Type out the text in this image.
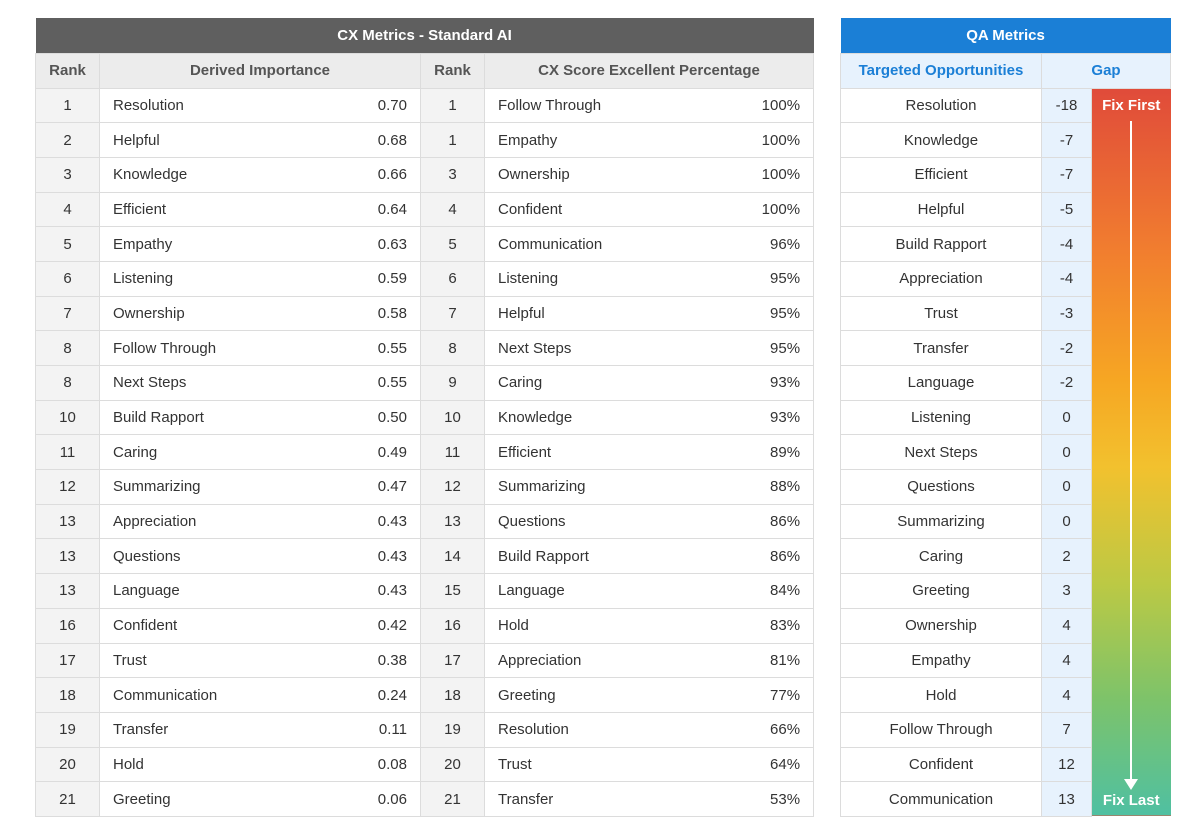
CX Metrics - Standard AI			
Rank	Derived Importance	Rank	CX Score Excellent Percentage
1	Resolution 0.70	1	Follow Through 100%

2	Helpful 0.68	1	Empathy 100%

3	Knowledge 0.66	3	Ownership 100%

4	Efficient 0.64	4	Confident 100%

5	Empathy 0.63	5	Communication 96%

6	Listening 0.59	6	Listening 95%

7	Ownership 0.58	7	Helpful 95%

8	Follow Through 0.55	8	Next Steps 95%

8	Next Steps 0.55	9	Caring 93%

10	Build Rapport 0.50	10	Knowledge 93%

11	Caring 0.49	11	Efficient 89%

12	Summarizing 0.47	12	Summarizing 88%

13	Appreciation 0.43	13	Questions 86%

13	Questions 0.43	14	Build Rapport 86%

13	Language 0.43	15	Language 84%

16	Confident 0.42	16	Hold 83%

17	Trust 0.38	17	Appreciation 81%

18	Communication 0.24	18	Greeting 77%

19	Transfer 0.11	19	Resolution 66%

20	Hold 0.08	20	Trust 64%

21	Greeting 0.06	21	Transfer 53%
QA Metrics		
Targeted Opportunities	Gap	
Resolution	-18	Fix First
Fix Last

Knowledge	-7	
Efficient	-7	
Helpful	-5	
Build Rapport	-4	
Appreciation	-4	
Trust	-3	
Transfer	-2	
Language	-2	
Listening	0	
Next Steps	0	
Questions	0	
Summarizing	0	
Caring	2	
Greeting	3	
Ownership	4	
Empathy	4	
Hold	4	
Follow Through	7	
Confident	12	
Communication	13	
